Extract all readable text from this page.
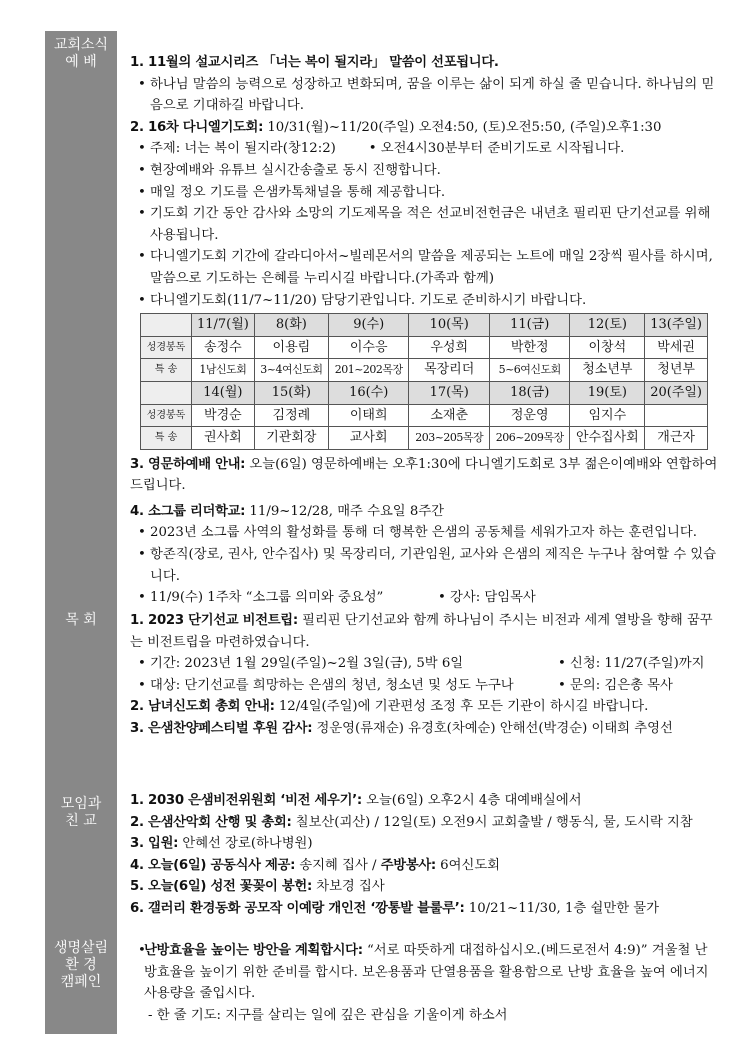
교회소식
예 배
목 회
모임과
친 교
생명살림
환 경
캠페인
1. 11월의 설교시리즈 「너는 복이 될지라」 말씀이 선포됩니다.
• 하나님 말씀의 능력으로 성장하고 변화되며, 꿈을 이루는 삶이 되게 하실 줄 믿습니다. 하나님의 믿음으로 기대하길 바랍니다.
2. 16차 다니엘기도회: 10/31(월)~11/20(주일) 오전4:50, (토)오전5:50, (주일)오후1:30
• 주제: 너는 복이 될지라(창12:2)	• 오전4시30분부터 준비기도로 시작됩니다.
• 현장예배와 유튜브 실시간송출로 동시 진행합니다.
• 매일 정오 기도를 은샘카톡채널을 통해 제공합니다.
• 기도회 기간 동안 감사와 소망의 기도제목을 적은 선교비전헌금은 내년초 필리핀 단기선교를 위해 사용됩니다.
• 다니엘기도회 기간에 갈라디아서~빌레몬서의 말씀을 제공되는 노트에 매일 2장씩 필사를 하시며, 말씀으로 기도하는 은혜를 누리시길 바랍니다.(가족과 함께)
• 다니엘기도회(11/7~11/20) 담당기관입니다. 기도로 준비하시기 바랍니다.
	11/7(월)	8(화)	9(수)	10(목)	11(금)	12(토)	13(주일)
성경봉독	송정수	이용림	이수응	우성희	박한정	이창석	박세권
특 송	1남신도회	3~4여신도회	201~202목장	목장리더	5~6여신도회	청소년부	청년부
	14(월)	15(화)	16(수)	17(목)	18(금)	19(토)	20(주일)
성경봉독	박경순	김정례	이태희	소재춘	정운영	임지수	
특 송	권사회	기관회장	교사회	203~205목장	206~209목장	안수집사회	개근자
3. 영문하예배 안내: 오늘(6일) 영문하예배는 오후1:30에 다니엘기도회로 3부 젊은이예배와 연합하여 드립니다.
4. 소그룹 리더학교: 11/9~12/28, 매주 수요일 8주간
• 2023년 소그룹 사역의 활성화를 통해 더 행복한 은샘의 공동체를 세워가고자 하는 훈련입니다.
• 항존직(장로, 권사, 안수집사) 및 목장리더, 기관임원, 교사와 은샘의 제직은 누구나 참여할 수 있습니다.
• 11/9(수) 1주차 “소그룹 의미와 중요성”	• 강사: 담임목사
1. 2023 단기선교 비전트립: 필리핀 단기선교와 함께 하나님이 주시는 비전과 세계 열방을 향해 꿈꾸는 비전트립을 마련하였습니다.
• 기간: 2023년 1월 29일(주일)~2월 3일(금), 5박 6일	• 신청: 11/27(주일)까지
• 대상: 단기선교를 희망하는 은샘의 청년, 청소년 및 성도 누구나	• 문의: 김은총 목사
2. 남녀신도회 총회 안내: 12/4일(주일)에 기관편성 조정 후 모든 기관이 하시길 바랍니다.
3. 은샘찬양페스티벌 후원 감사: 정운영(류재순) 유경호(차예순) 안해선(박경순) 이태희 추영선
1. 2030 은샘비전위원회 ‘비전 세우기’: 오늘(6일) 오후2시 4층 대예배실에서
2. 은샘산악회 산행 및 총회: 칠보산(괴산) / 12일(토) 오전9시 교회출발 / 행동식, 물, 도시락 지참
3. 입원: 안혜선 장로(하나병원)
4. 오늘(6일) 공동식사 제공: 송지혜 집사 / 주방봉사: 6여신도회
5. 오늘(6일) 성전 꽃꽂이 봉헌: 차보경 집사
6. 갤러리 환경동화 공모작 이예랑 개인전 ‘깡통발 블룰루’: 10/21~11/30, 1층 쉴만한 물가
• 난방효율을 높이는 방안을 계획합시다: “서로 따뜻하게 대접하십시오.(베드로전서 4:9)” 겨울철 난방효율을 높이기 위한 준비를 합시다. 보온용품과 단열용품을 활용함으로 난방 효율을 높여 에너지 사용량을 줄입시다.
- 한 줄 기도: 지구를 살리는 일에 깊은 관심을 기울이게 하소서
